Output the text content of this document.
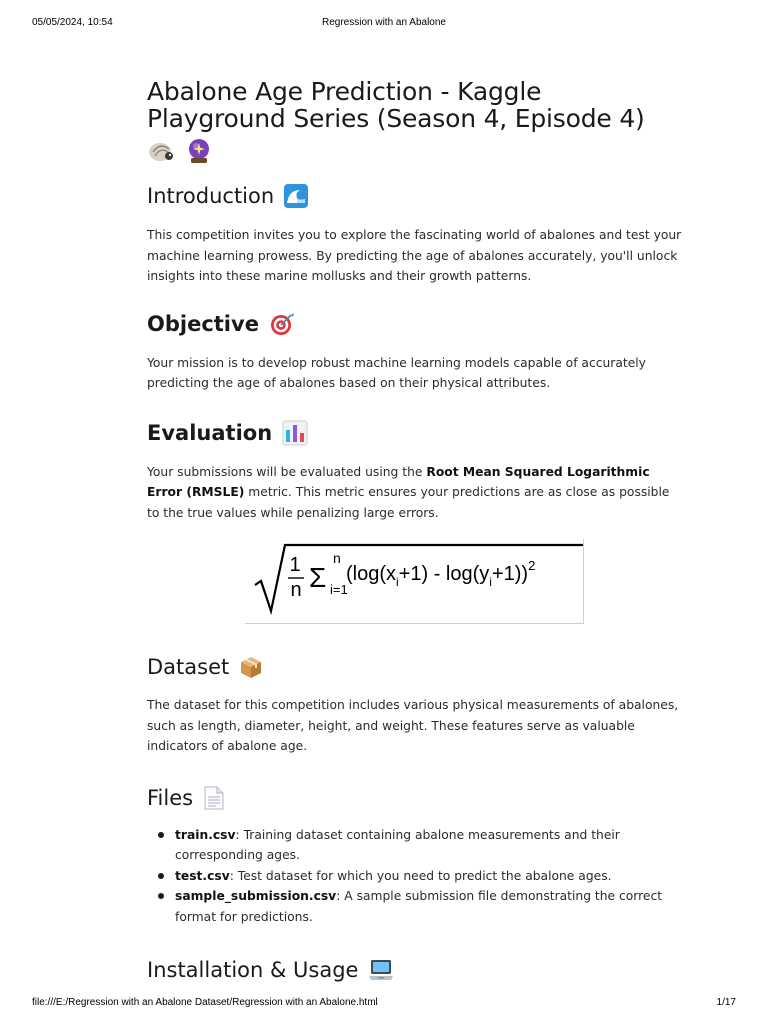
05/05/2024, 10:54	Regression with an Abalone
Abalone Age Prediction - Kaggle
Playground Series (Season 4, Episode 4)
Introduction

This competition invites you to explore the fascinating world of abalones and test your machine learning prowess. By predicting the age of abalones accurately, you'll unlock insights into these marine mollusks and their growth patterns.

Objective

Your mission is to develop robust machine learning models capable of accurately predicting the age of abalones based on their physical attributes.

Evaluation

Your submissions will be evaluated using the Root Mean Squared Logarithmic Error (RMSLE) metric. This metric ensures your predictions are as close as possible to the true values while penalizing large errors.

1
n Σ
n
i=1
$(\log(x_i+1) - \log(y_i+1))^2$
Dataset

The dataset for this competition includes various physical measurements of abalones, such as length, diameter, height, and weight. These features serve as valuable indicators of abalone age.

Files
train.csv: Training dataset containing abalone measurements and their corresponding ages.
test.csv: Test dataset for which you need to predict the abalone ages.
sample_submission.csv: A sample submission file demonstrating the correct format for predictions.
Installation & Usage
file:///E:/Regression with an Abalone Dataset/Regression with an Abalone.html	1/17
